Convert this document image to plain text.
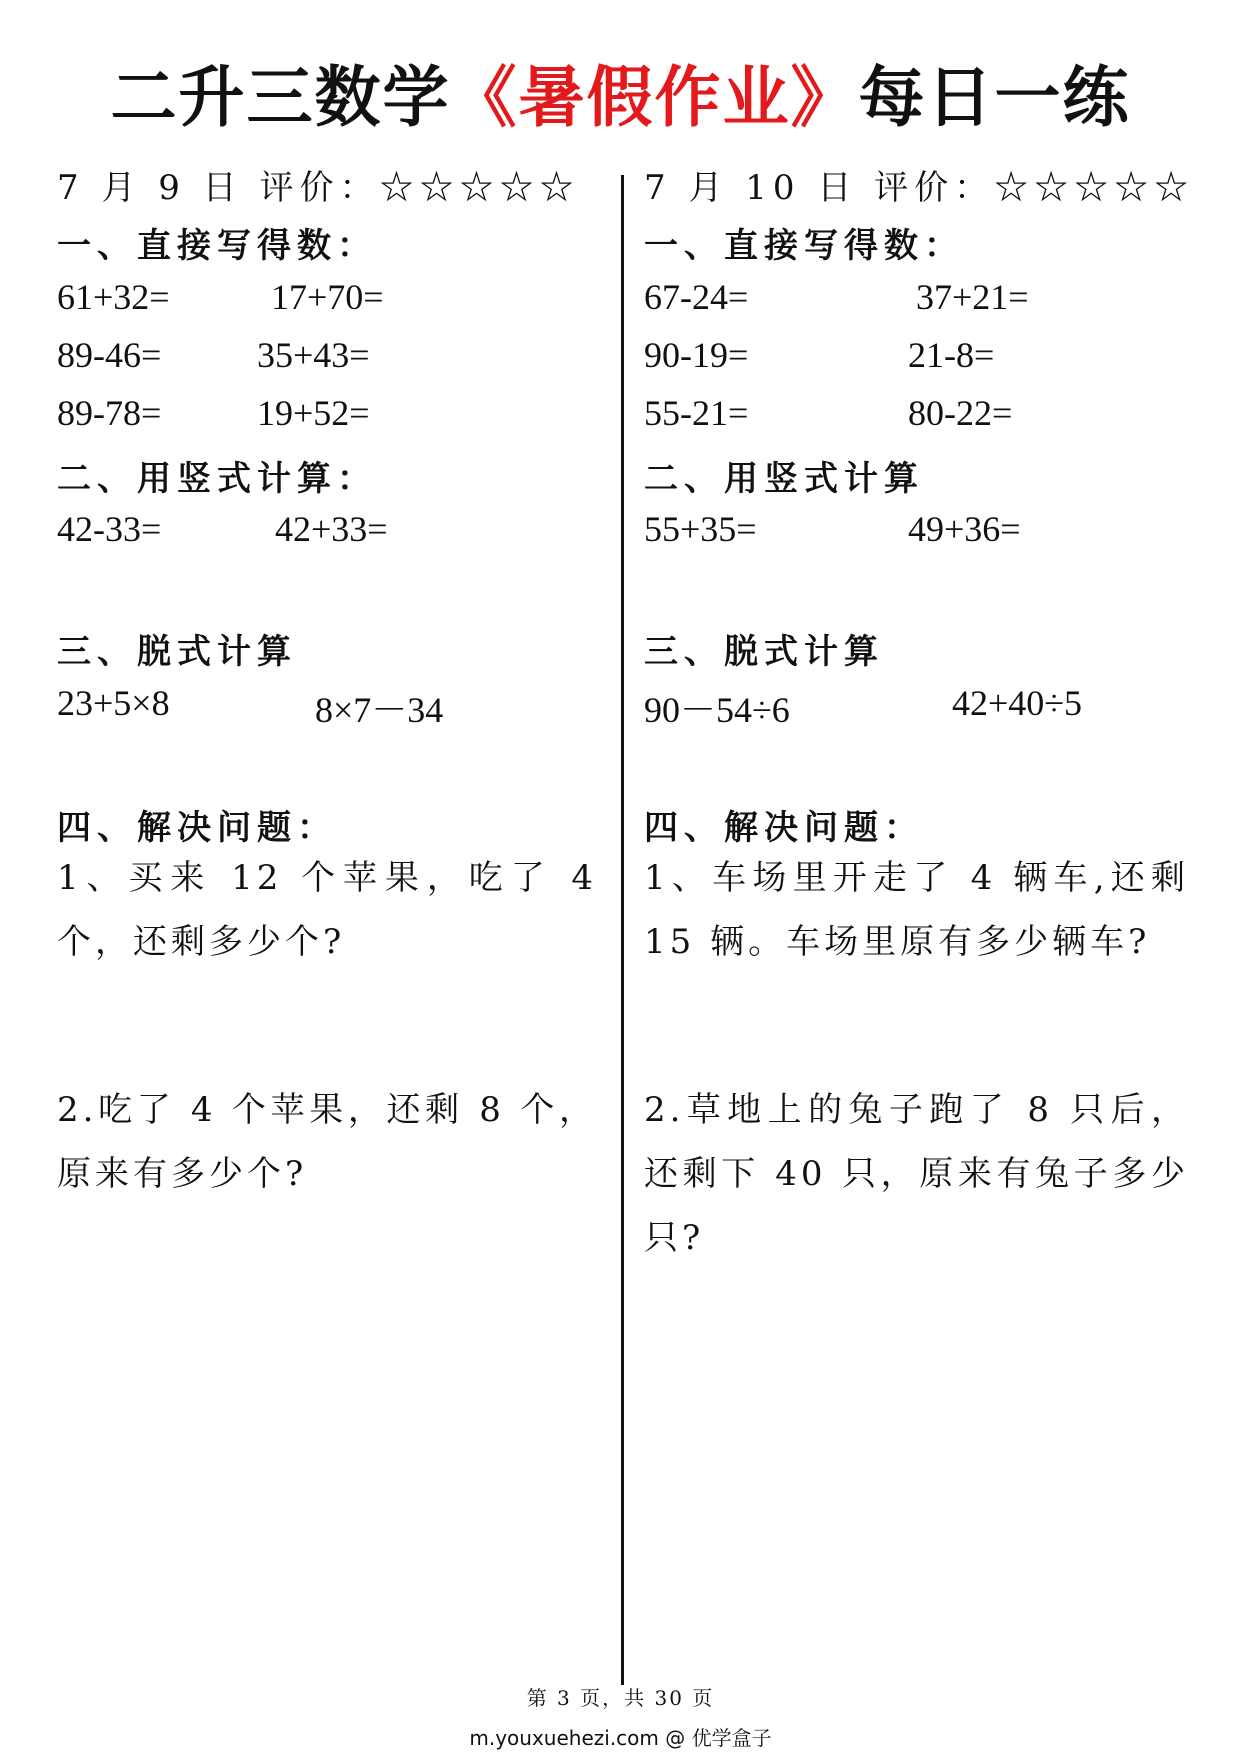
二升三数学《暑假作业》每日一练
7 月 9 日 评价：☆☆☆☆☆
一、直接写得数：
61+32=	17+70=
89-46=	35+43=
89-78=	19+52=
二、用竖式计算：
42-33=	42+33=
三、脱式计算
23+5×8	8×7－34
四、解决问题：
1、买来 12 个苹果，吃了 4 个，还剩多少个?
2.吃了 4 个苹果，还剩 8 个，原来有多少个?
7 月 10 日 评价：☆☆☆☆☆
一、直接写得数：
67-24=	37+21=
90-19=	21-8=
55-21=	80-22=
二、用竖式计算
55+35=	49+36=
三、脱式计算
90－54÷6	42+40÷5
四、解决问题：
1、车场里开走了 4 辆车,还剩 15 辆。车场里原有多少辆车?
2.草地上的兔子跑了 8 只后，还剩下 40 只，原来有兔子多少只?
第 3 页，共 30 页
m.youxuehezi.com @ 优学盒子
